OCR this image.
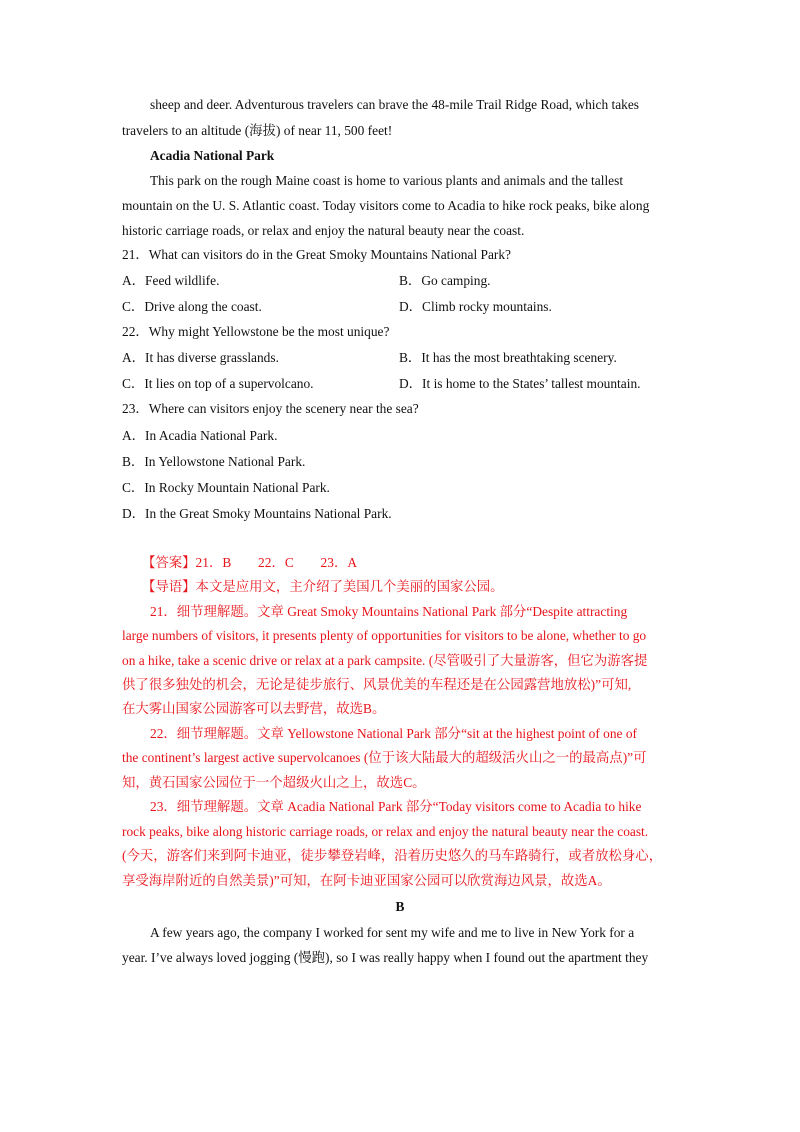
sheep and deer. Adventurous travelers can brave the 48-mile Trail Ridge Road, which takes
travelers to an altitude (海拔) of near 11, 500 feet!
Acadia National Park
This park on the rough Maine coast is home to various plants and animals and the tallest
mountain on the U. S. Atlantic coast. Today visitors come to Acadia to hike rock peaks, bike along
historic carriage roads, or relax and enjoy the natural beauty near the coast.
21．What can visitors do in the Great Smoky Mountains National Park?
A．Feed wildlife.	B．Go camping.
C．Drive along the coast.	D．Climb rocky mountains.
22．Why might Yellowstone be the most unique?
A．It has diverse grasslands.	B．It has the most breathtaking scenery.
C．It lies on top of a supervolcano.	D．It is home to the States’ tallest mountain.
23．Where can visitors enjoy the scenery near the sea?
A．In Acadia National Park.
B．In Yellowstone National Park.
C．In Rocky Mountain National Park.
D．In the Great Smoky Mountains National Park.
【答案】21．B　　22．C　　23．A
【导语】本文是应用文，主介绍了美国几个美丽的国家公园。
21．细节理解题。文章 Great Smoky Mountains National Park 部分“Despite attracting
large numbers of visitors, it presents plenty of opportunities for visitors to be alone, whether to go
on a hike, take a scenic drive or relax at a park campsite. (尽管吸引了大量游客，但它为游客提
供了很多独处的机会，无论是徒步旅行、风景优美的车程还是在公园露营地放松)”可知,
在大雾山国家公园游客可以去野营，故选B。
22．细节理解题。文章 Yellowstone National Park 部分“sit at the highest point of one of
the continent’s largest active supervolcanoes (位于该大陆最大的超级活火山之一的最高点)”可
知，黄石国家公园位于一个超级火山之上，故选C。
23．细节理解题。文章 Acadia National Park 部分“Today visitors come to Acadia to hike
rock peaks, bike along historic carriage roads, or relax and enjoy the natural beauty near the coast.
(今天，游客们来到阿卡迪亚，徒步攀登岩峰，沿着历史悠久的马车路骑行，或者放松身心，
享受海岸附近的自然美景)”可知，在阿卡迪亚国家公园可以欣赏海边风景，故选A。
B
A few years ago, the company I worked for sent my wife and me to live in New York for a
year. I’ve always loved jogging (慢跑), so I was really happy when I found out the apartment they
